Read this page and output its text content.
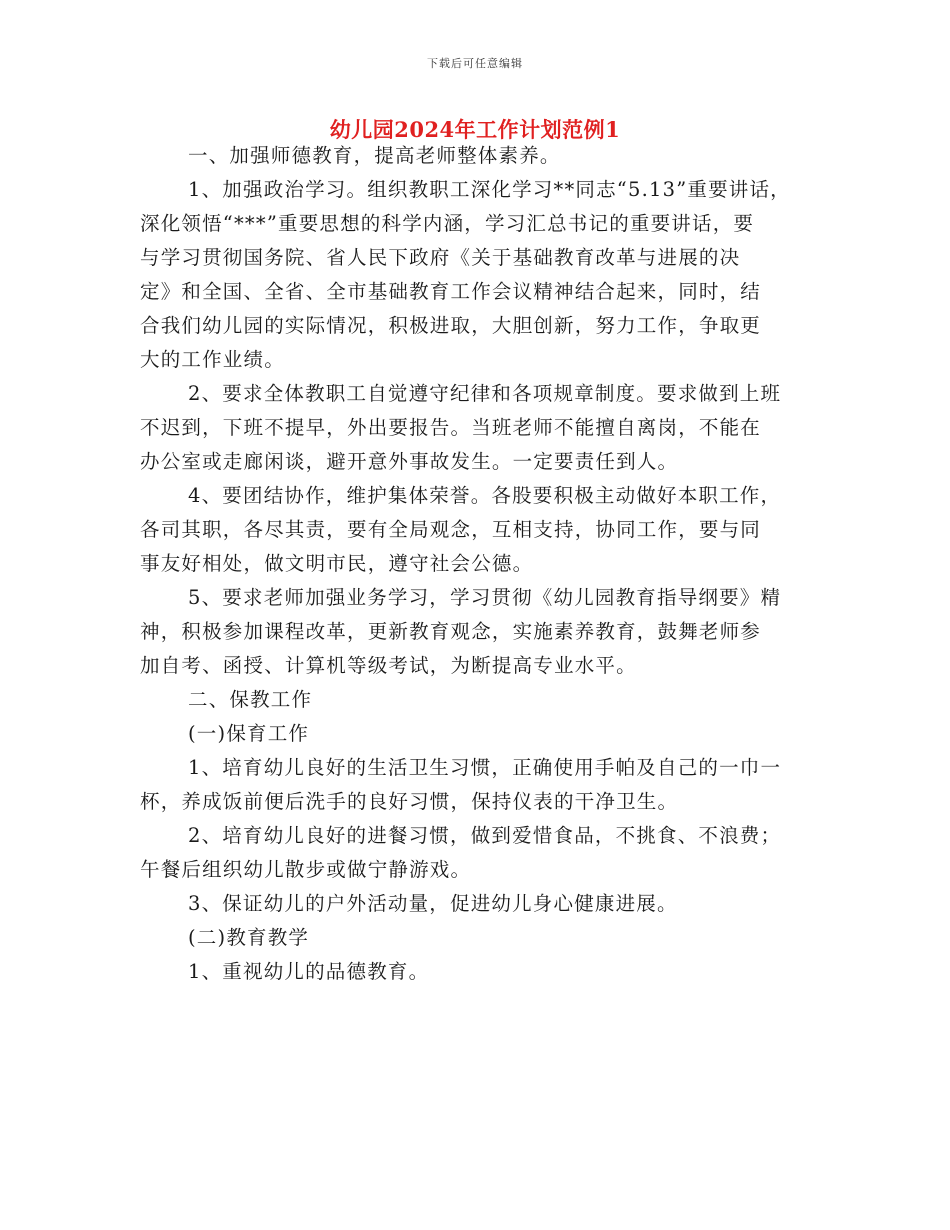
下载后可任意编辑
幼儿园2024年工作计划范例1

一、加强师德教育，提高老师整体素养。
1、加强政治学习。组织教职工深化学习**同志“5.13”重要讲话，
深化领悟“***”重要思想的科学内涵，学习汇总书记的重要讲话，要
与学习贯彻国务院、省人民下政府《关于基础教育改革与进展的决
定》和全国、全省、全市基础教育工作会议精神结合起来，同时，结
合我们幼儿园的实际情况，积极进取，大胆创新，努力工作，争取更
大的工作业绩。
2、要求全体教职工自觉遵守纪律和各项规章制度。要求做到上班
不迟到，下班不提早，外出要报告。当班老师不能擅自离岗，不能在
办公室或走廊闲谈，避开意外事故发生。一定要责任到人。
4、要团结协作，维护集体荣誉。各股要积极主动做好本职工作，
各司其职，各尽其责，要有全局观念，互相支持，协同工作，要与同
事友好相处，做文明市民，遵守社会公德。
5、要求老师加强业务学习，学习贯彻《幼儿园教育指导纲要》精
神，积极参加课程改革，更新教育观念，实施素养教育，鼓舞老师参
加自考、函授、计算机等级考试，为断提高专业水平。
二、保教工作
(一)保育工作
1、培育幼儿良好的生活卫生习惯，正确使用手帕及自己的一巾一
杯，养成饭前便后洗手的良好习惯，保持仪表的干净卫生。
2、培育幼儿良好的进餐习惯，做到爱惜食品，不挑食、不浪费；
午餐后组织幼儿散步或做宁静游戏。
3、保证幼儿的户外活动量，促进幼儿身心健康进展。
(二)教育教学
1、重视幼儿的品德教育。
